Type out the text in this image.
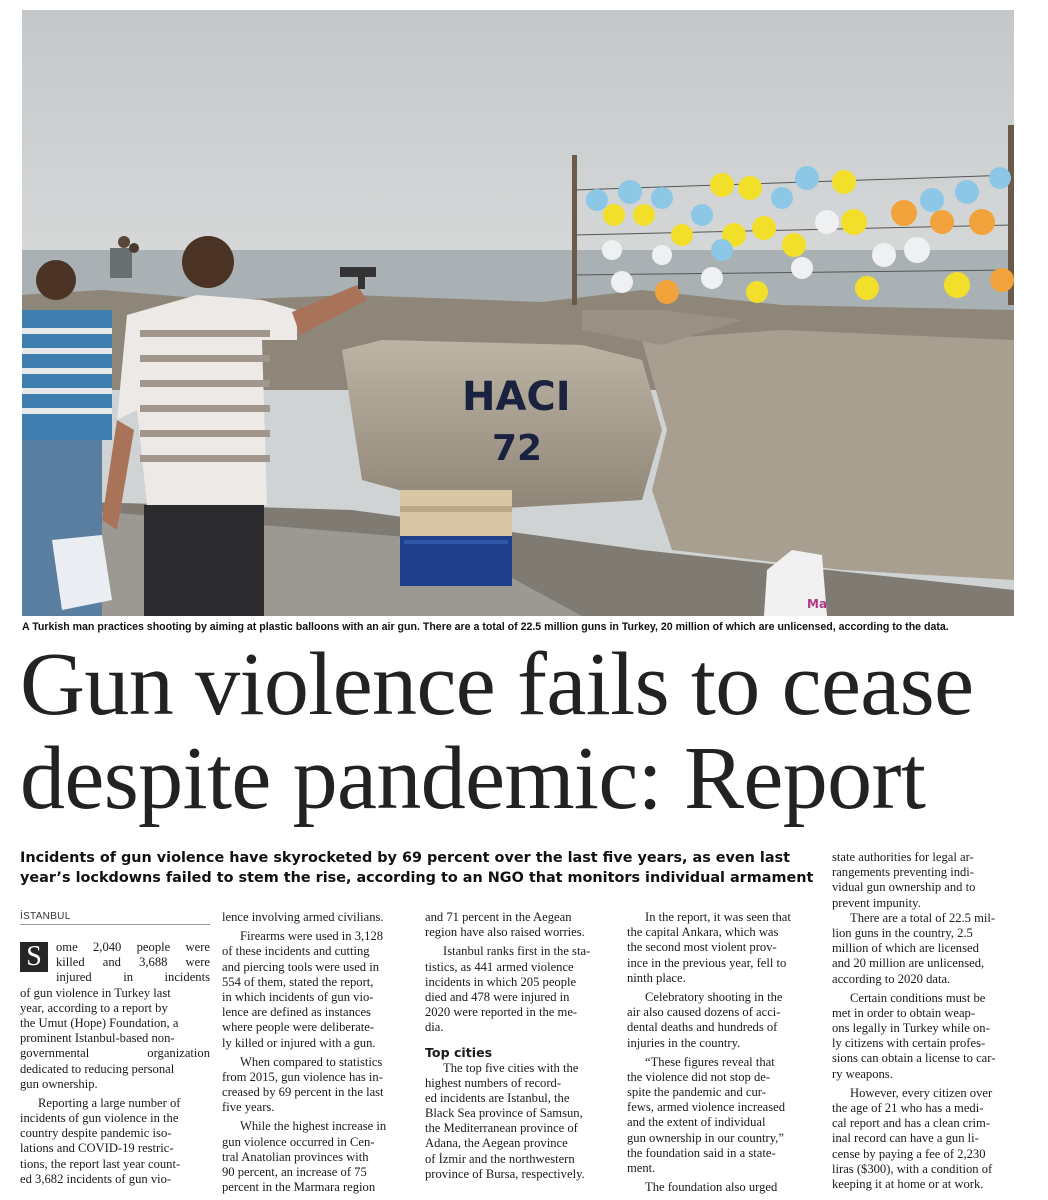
HACI
72
Ma
A Turkish man practices shooting by aiming at plastic balloons with an air gun. There are a total of 22.5 million guns in Turkey, 20 million of which are unlicensed, according to the data.
Gun violence fails to cease
despite pandemic: Report
Incidents of gun violence have skyrocketed by 69 percent over the last five years, as even last
year’s lockdowns failed to stem the rise, according to an NGO that monitors individual armament
İSTANBUL
S	ome 2,040 people were
killed and 3,688 were
injured in incidents
of gun violence in Turkey last
year, according to a report by
the Umut (Hope) Foundation, a
prominent Istanbul-based non-
governmental organization
dedicated to reducing personal
gun ownership.
Reporting a large number of
incidents of gun violence in the
country despite pandemic iso-
lations and COVID-19 restric-
tions, the report last year count-
ed 3,682 incidents of gun vio-
lence involving armed civilians.
Firearms were used in 3,128
of these incidents and cutting
and piercing tools were used in
554 of them, stated the report,
in which incidents of gun vio-
lence are defined as instances
where people were deliberate-
ly killed or injured with a gun.
When compared to statistics
from 2015, gun violence has in-
creased by 69 percent in the last
five years.
While the highest increase in
gun violence occurred in Cen-
tral Anatolian provinces with
90 percent, an increase of 75
percent in the Marmara region
and 71 percent in the Aegean
region have also raised worries.
Istanbul ranks first in the sta-
tistics, as 441 armed violence
incidents in which 205 people
died and 478 were injured in
2020 were reported in the me-
dia.
Top cities
The top five cities with the
highest numbers of record-
ed incidents are Istanbul, the
Black Sea province of Samsun,
the Mediterranean province of
Adana, the Aegean province
of İzmir and the northwestern
province of Bursa, respectively.
In the report, it was seen that
the capital Ankara, which was
the second most violent prov-
ince in the previous year, fell to
ninth place.
Celebratory shooting in the
air also caused dozens of acci-
dental deaths and hundreds of
injuries in the country.
“These figures reveal that
the violence did not stop de-
spite the pandemic and cur-
fews, armed violence increased
and the extent of individual
gun ownership in our country,”
the foundation said in a state-
ment.
The foundation also urged
state authorities for legal ar-
rangements preventing indi-
vidual gun ownership and to
prevent impunity.
There are a total of 22.5 mil-
lion guns in the country, 2.5
million of which are licensed
and 20 million are unlicensed,
according to 2020 data.
Certain conditions must be
met in order to obtain weap-
ons legally in Turkey while on-
ly citizens with certain profes-
sions can obtain a license to car-
ry weapons.
However, every citizen over
the age of 21 who has a medi-
cal report and has a clean crim-
inal record can have a gun li-
cense by paying a fee of 2,230
liras ($300), with a condition of
keeping it at home or at work.
